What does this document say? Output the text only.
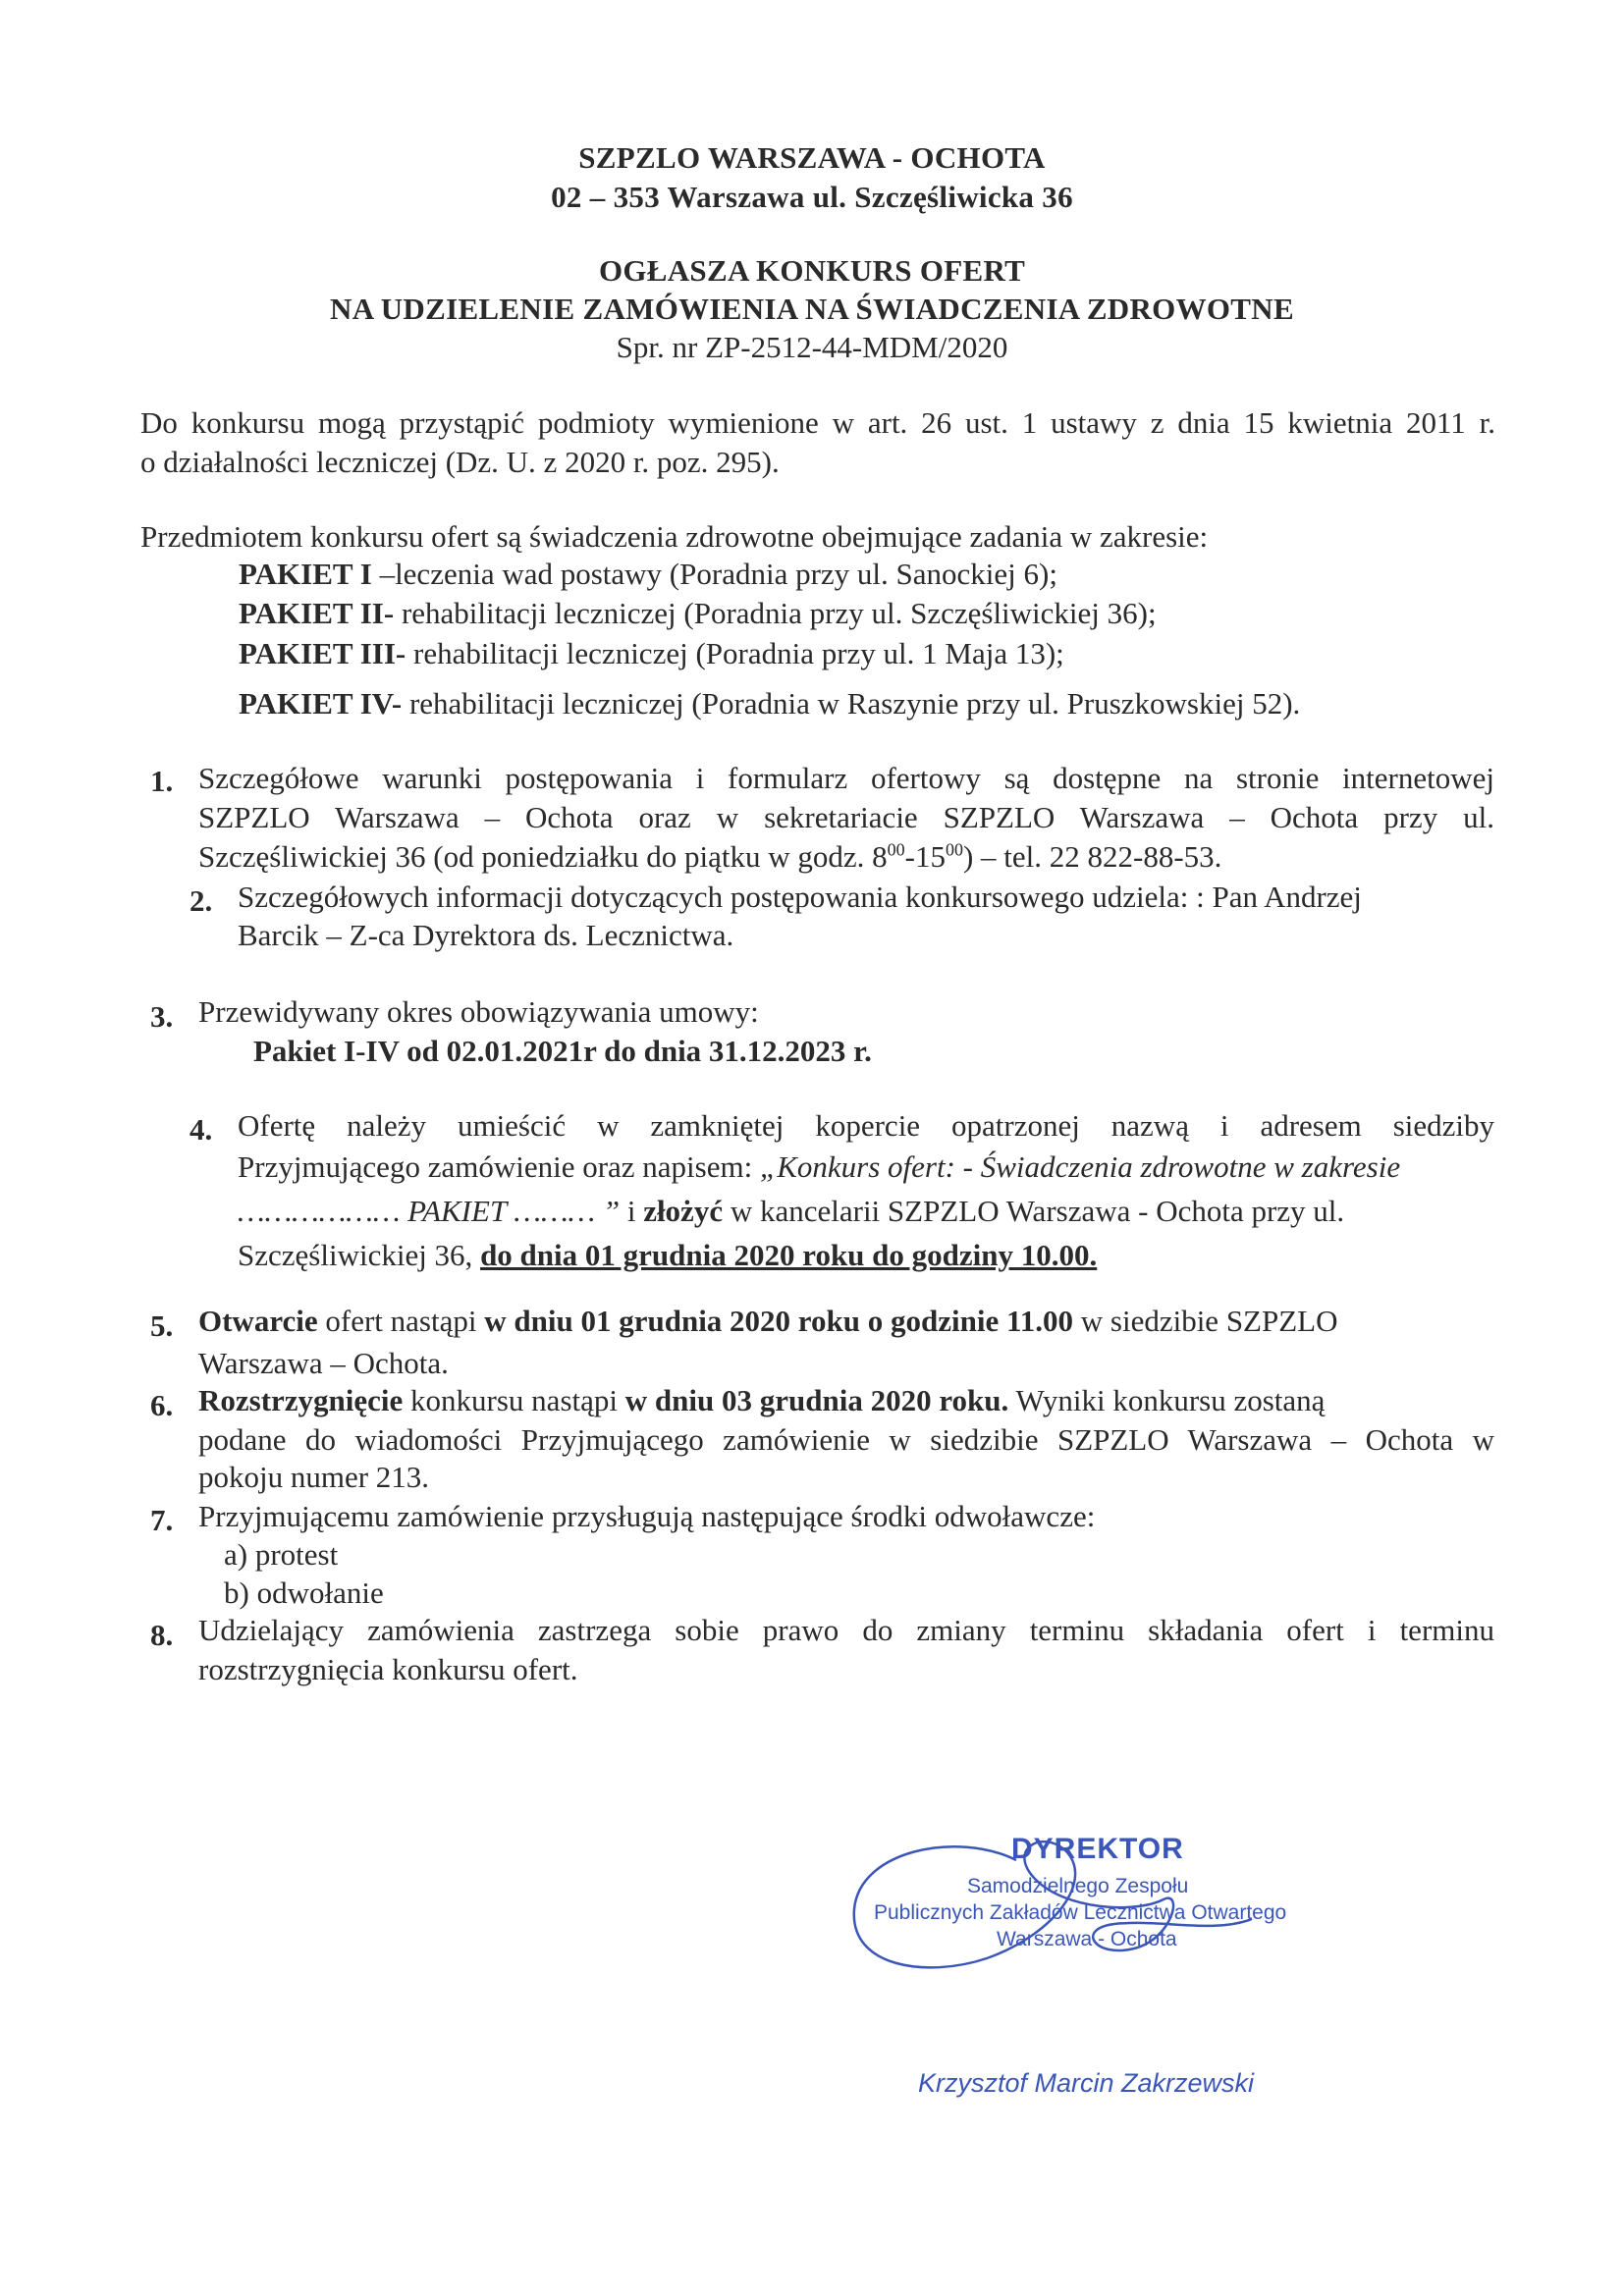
SZPZLO WARSZAWA - OCHOTA
02 – 353 Warszawa ul. Szczęśliwicka 36
OGŁASZA KONKURS OFERT
NA UDZIELENIE ZAMÓWIENIA NA ŚWIADCZENIA ZDROWOTNE
Spr. nr ZP-2512-44-MDM/2020
Do konkursu mogą przystąpić podmioty wymienione w art. 26 ust. 1 ustawy z dnia 15 kwietnia 2011 r.
o działalności leczniczej (Dz. U. z 2020 r. poz. 295).
Przedmiotem konkursu ofert są świadczenia zdrowotne obejmujące zadania w zakresie:
PAKIET I –leczenia wad postawy (Poradnia przy ul. Sanockiej 6);
PAKIET II- rehabilitacji leczniczej (Poradnia przy ul. Szczęśliwickiej 36);
PAKIET III- rehabilitacji leczniczej (Poradnia przy ul. 1 Maja 13);
PAKIET IV- rehabilitacji leczniczej (Poradnia w Raszynie przy ul. Pruszkowskiej 52).
1. Szczegółowe warunki postępowania i formularz ofertowy są dostępne na stronie internetowej
SZPZLO Warszawa – Ochota oraz w sekretariacie SZPZLO Warszawa – Ochota przy ul.
Szczęśliwickiej 36 (od poniedziałku do piątku w godz. $8^{00}-15^{00}$) – tel. 22 822-88-53.
2. Szczegółowych informacji dotyczących postępowania konkursowego udziela: : Pan Andrzej
Barcik – Z-ca Dyrektora ds. Lecznictwa.
3. Przewidywany okres obowiązywania umowy:
Pakiet I-IV od 02.01.2021r do dnia 31.12.2023 r.
4. Ofertę należy umieścić w zamkniętej kopercie opatrzonej nazwą i adresem siedziby
Przyjmującego zamówienie oraz napisem: „Konkurs ofert: - Świadczenia zdrowotne w zakresie
……………… PAKIET ……… ” i złożyć w kancelarii SZPZLO Warszawa - Ochota przy ul.
Szczęśliwickiej 36, do dnia 01 grudnia 2020 roku do godziny 10.00.
5. Otwarcie ofert nastąpi w dniu 01 grudnia 2020 roku o godzinie 11.00 w siedzibie SZPZLO
Warszawa – Ochota.
6. Rozstrzygnięcie konkursu nastąpi w dniu 03 grudnia 2020 roku. Wyniki konkursu zostaną
podane do wiadomości Przyjmującego zamówienie w siedzibie SZPZLO Warszawa – Ochota w
pokoju numer 213.
7. Przyjmującemu zamówienie przysługują następujące środki odwoławcze:
a) protest
b) odwołanie
8. Udzielający zamówienia zastrzega sobie prawo do zmiany terminu składania ofert i terminu
rozstrzygnięcia konkursu ofert.
DYREKTOR
Samodzielnego Zespołu
Publicznych Zakładów Lecznictwa Otwartego
Warszawa - Ochota
Krzysztof Marcin Zakrzewski
